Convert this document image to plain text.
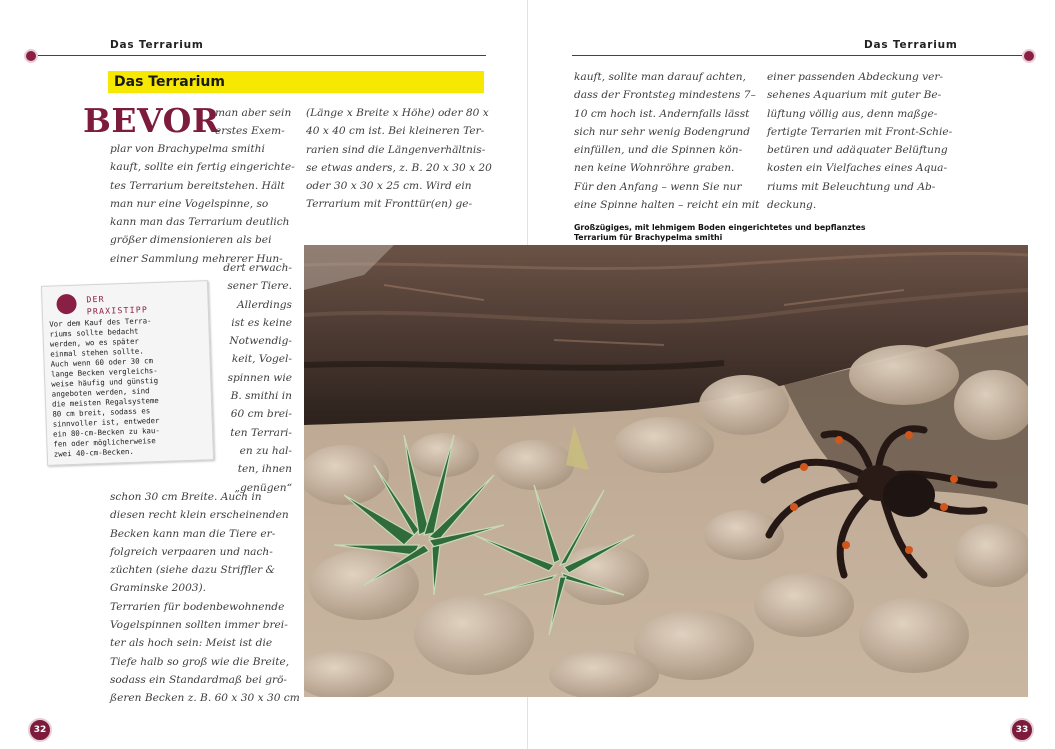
Das Terrarium
Das Terrarium
BEVOR
man aber sein
erstes Exem-
plar von Brachypelma smithi
kauft, sollte ein fertig eingerichte-
tes Terrarium bereitstehen. Hält
man nur eine Vogelspinne, so
kann man das Terrarium deutlich
größer dimensionieren als bei
einer Sammlung mehrerer Hun-
dert erwach-
sener Tiere.
Allerdings
ist es keine
Notwendig-
keit, Vogel-
spinnen wie
B. smithi in
60 cm brei-
ten Terrari-
en zu hal-
ten, ihnen
„genügen“
schon 30 cm Breite. Auch in
diesen recht klein erscheinenden
Becken kann man die Tiere er-
folgreich verpaaren und nach-
züchten (siehe dazu Striffler &
Graminske 2003).
Terrarien für bodenbewohnende
Vogelspinnen sollten immer brei-
ter als hoch sein: Meist ist die
Tiefe halb so groß wie die Breite,
sodass ein Standardmaß bei grö-
ßeren Becken z. B. 60 x 30 x 30 cm
(Länge x Breite x Höhe) oder 80 x
40 x 40 cm ist. Bei kleineren Ter-
rarien sind die Längenverhältnis-
se etwas anders, z. B. 20 x 30 x 20
oder 30 x 30 x 25 cm. Wird ein
Terrarium mit Fronttür(en) ge-
DER
PRAXISTIPP
Vor dem Kauf des Terra-
riums sollte bedacht
werden, wo es später
einmal stehen sollte.
Auch wenn 60 oder 30 cm
lange Becken vergleichs-
weise häufig und günstig
angeboten werden, sind
die meisten Regalsysteme
80 cm breit, sodass es
sinnvoller ist, entweder
ein 80-cm-Becken zu kau-
fen oder möglicherweise
zwei 40-cm-Becken.
32
Das Terrarium
kauft, sollte man darauf achten,
dass der Frontsteg mindestens 7–
10 cm hoch ist. Andernfalls lässt
sich nur sehr wenig Bodengrund
einfüllen, und die Spinnen kön-
nen keine Wohnröhre graben.
Für den Anfang – wenn Sie nur
eine Spinne halten – reicht ein mit
einer passenden Abdeckung ver-
sehenes Aquarium mit guter Be-
lüftung völlig aus, denn maßge-
fertigte Terrarien mit Front-Schie-
betüren und adäquater Belüftung
kosten ein Vielfaches eines Aqua-
riums mit Beleuchtung und Ab-
deckung.
Großzügiges, mit lehmigem Boden eingerichtetes und bepflanztes
Terrarium für Brachypelma smithi
33
